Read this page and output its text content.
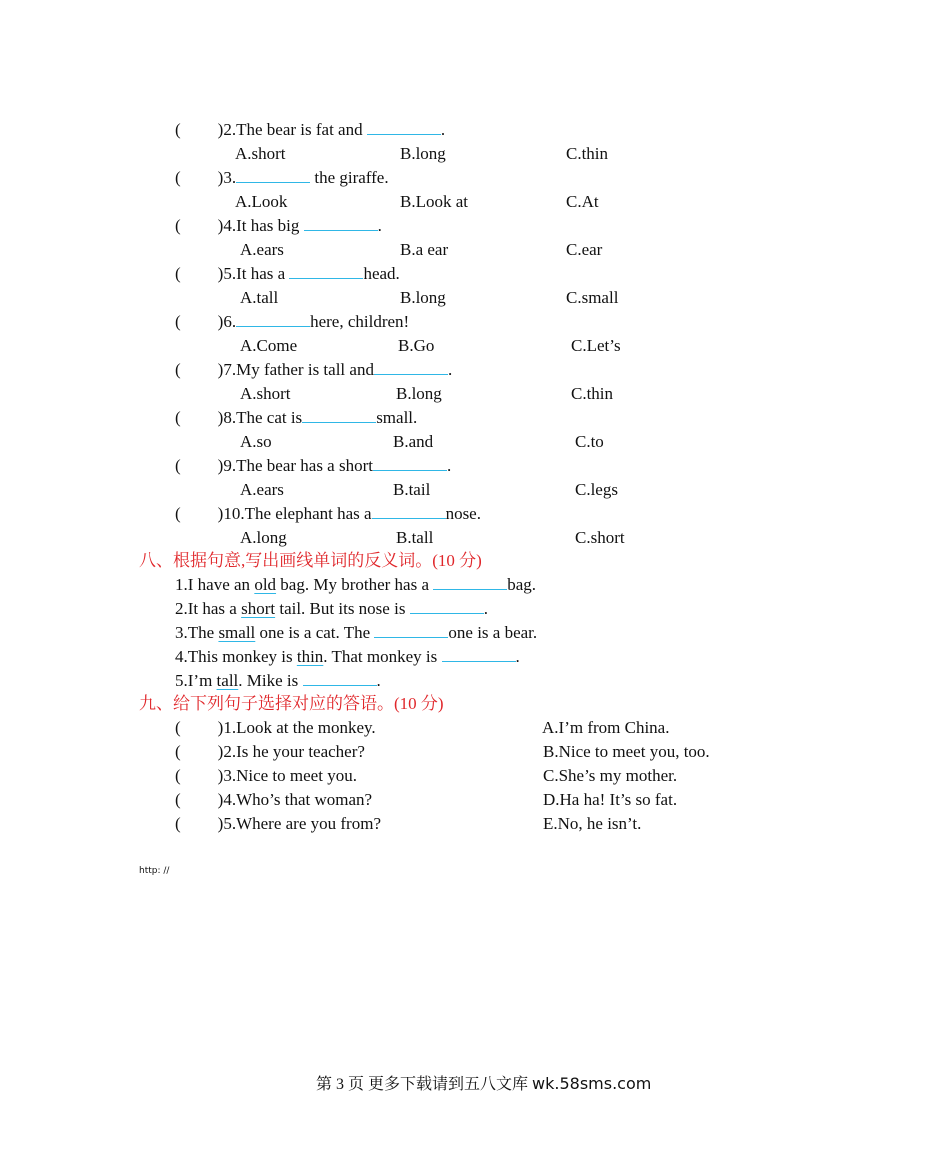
( )2.The bear is fat and	.
A.short	B.long	C.thin
( )3.	the giraffe.
A.Look	B.Look at	C.At
( )4.It has big	.
A.ears	B.a ear	C.ear
( )5.It has a	head.
A.tall	B.long	C.small
( )6.	here, children!
A.Come	B.Go	C.Let’s
( )7.My father is tall and	.
A.short	B.long	C.thin
( )8.The cat is	small.
A.so	B.and	C.to
( )9.The bear has a short	.
A.ears	B.tail	C.legs
( )10.The elephant has a	nose.
A.long	B.tall	C.short
八、根据句意,写出画线单词的反义词。(10 分)
1.I have an old bag. My brother has a	bag.
2.It has a short tail. But its nose is	.
3.The small one is a cat. The	one is a bear.
4.This monkey is thin. That monkey is	.
5.I’m tall. Mike is	.
九、给下列句子选择对应的答语。(10 分)
( )1.Look at the monkey.	A.I’m from China.
( )2.Is he your teacher?	B.Nice to meet you, too.
( )3.Nice to meet you.	C.She’s my mother.
( )4.Who’s that woman?	D.Ha ha! It’s so fat.
( )5.Where are you from?	E.No, he isn’t.
http: //
第 3 页 更多下载请到五八文库 wk.58sms.com
